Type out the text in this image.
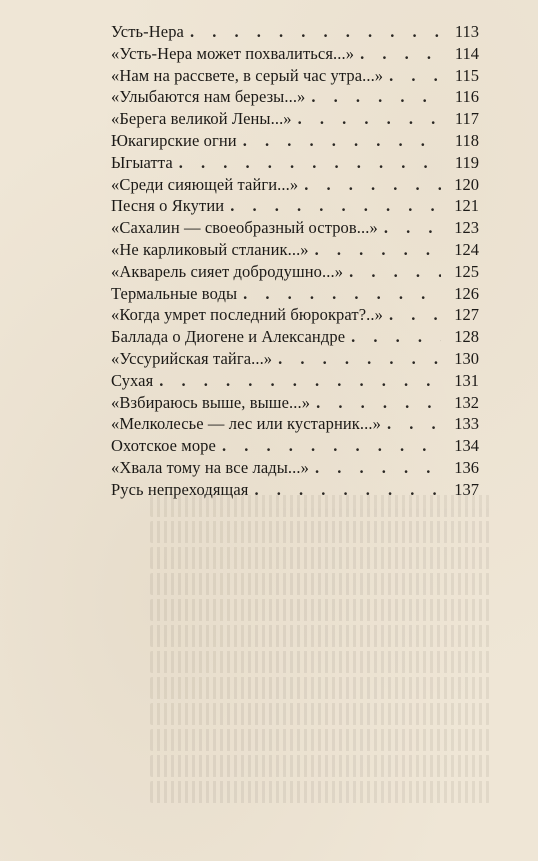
Усть-Нера . . .	113
«Усть-Нера может похвалиться...» . . .	114
«Нам на рассвете, в серый час утра...» . . .	115
«Улыбаются нам березы...» . . .	116
«Берега великой Лены...» . . .	117
Юкагирские огни . . .	118
Ыгыатта . . .	119
«Среди сияющей тайги...» . . .	120
Песня о Якутии . . .	121
«Сахалин — своеобразный остров...» . . .	123
«Не карликовый стланик...» . . .	124
«Акварель сияет добродушно...» . . .	125
Термальные воды . . .	126
«Когда умрет последний бюрократ?..» . . .	127
Баллада о Диогене и Александре . . .	128
«Уссурийская тайга...» . . .	130
Сухая . . .	131
«Взбираюсь выше, выше...» . . .	132
«Мелколесье — лес или кустарник...» . . .	133
Охотское море . . .	134
«Хвала тому на все лады...» . . .	136
Русь непреходящая . . .	137
